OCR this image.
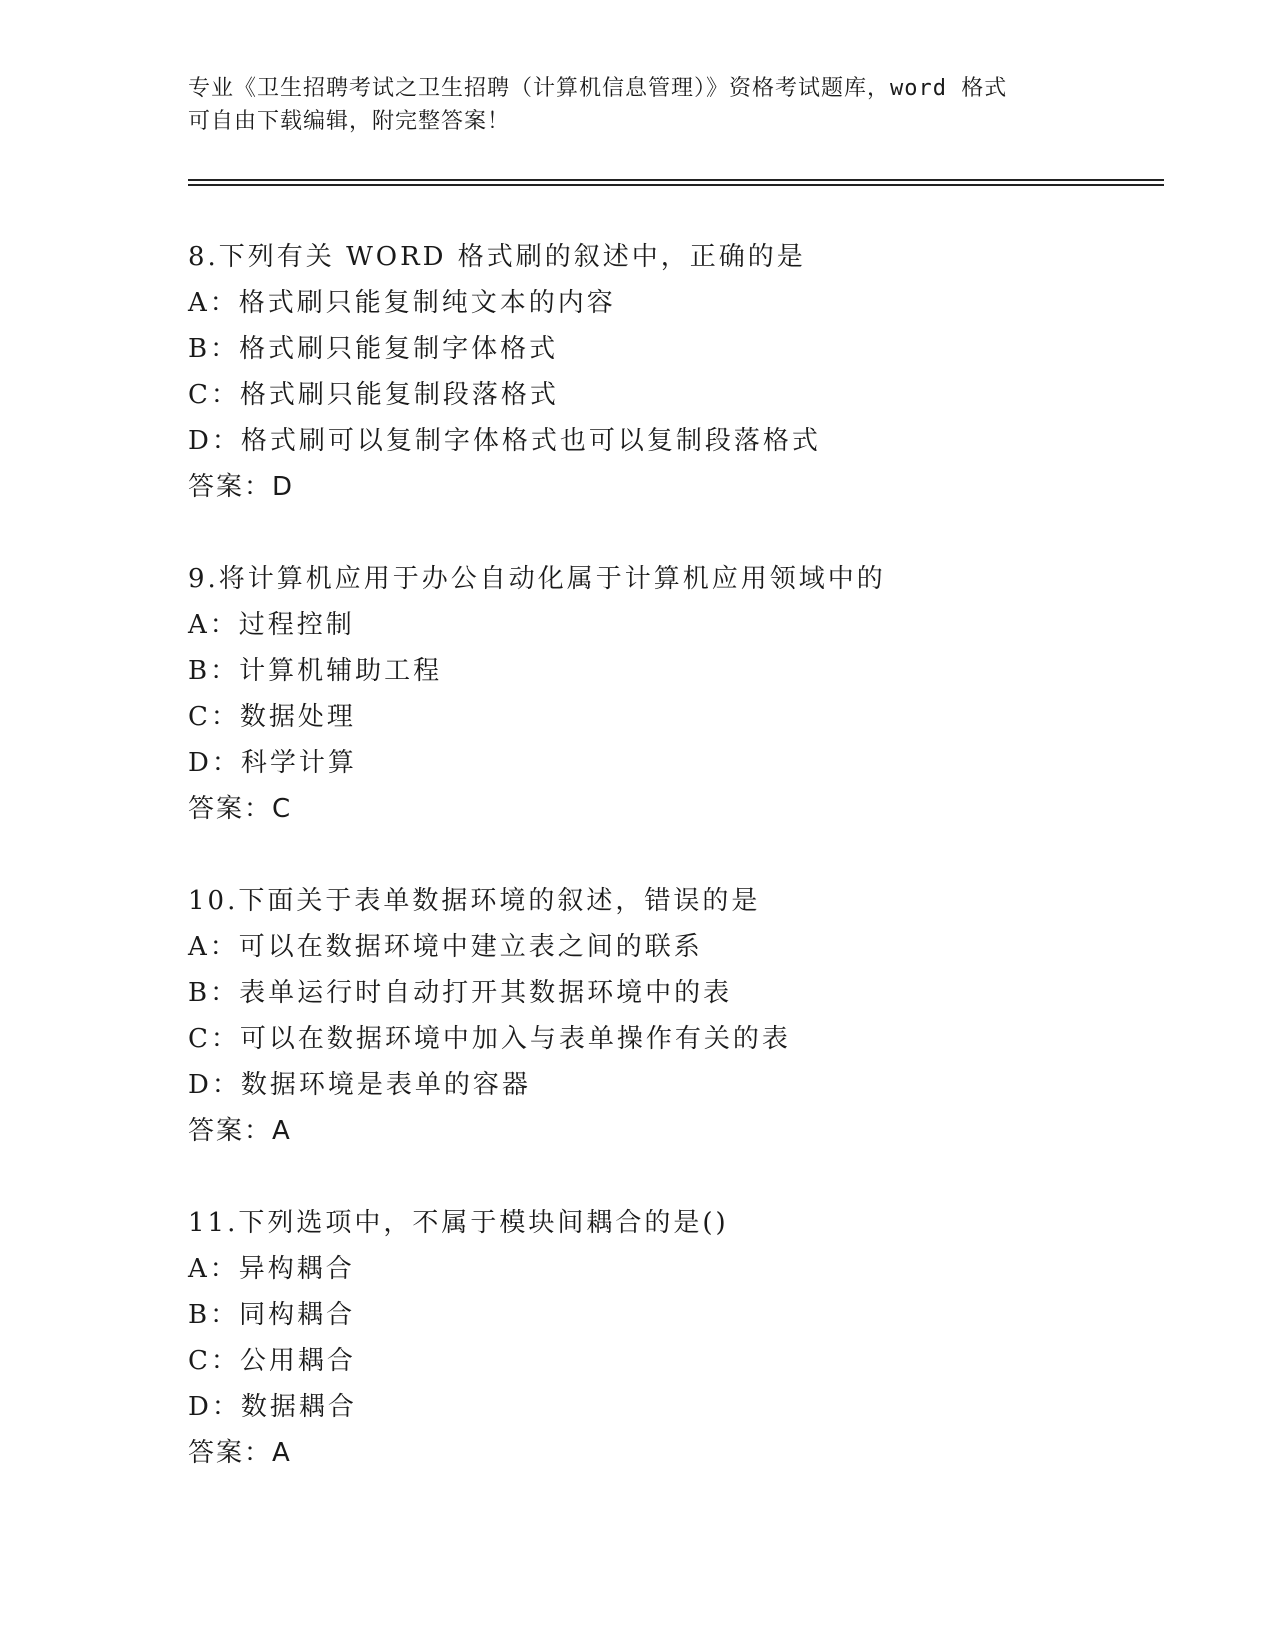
专业《卫生招聘考试之卫生招聘（计算机信息管理）》资格考试题库，word 格式

可自由下载编辑，附完整答案！

8.下列有关 WORD 格式刷的叙述中，正确的是
A：格式刷只能复制纯文本的内容
B：格式刷只能复制字体格式
C：格式刷只能复制段落格式
D：格式刷可以复制字体格式也可以复制段落格式
答案：D
9.将计算机应用于办公自动化属于计算机应用领域中的
A：过程控制
B：计算机辅助工程
C：数据处理
D：科学计算
答案：C
10.下面关于表单数据环境的叙述，错误的是
A：可以在数据环境中建立表之间的联系
B：表单运行时自动打开其数据环境中的表
C：可以在数据环境中加入与表单操作有关的表
D：数据环境是表单的容器
答案：A
11.下列选项中，不属于模块间耦合的是()
A：异构耦合
B：同构耦合
C：公用耦合
D：数据耦合
答案：A
